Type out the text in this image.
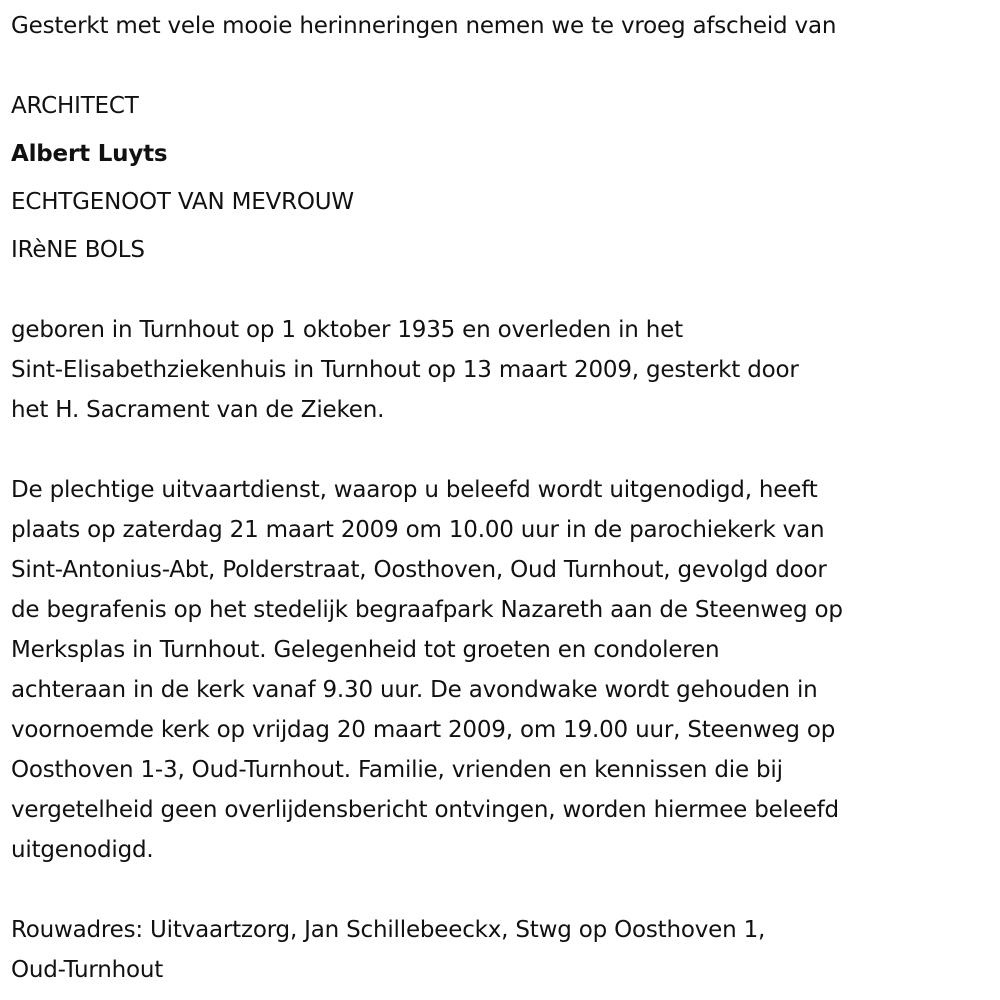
Gesterkt met vele mooie herinneringen nemen we te vroeg afscheid van

ARCHITECT

Albert Luyts

ECHTGENOOT VAN MEVROUW

IRèNE BOLS

geboren in Turnhout op 1 oktober 1935 en overleden in het
Sint-Elisabethziekenhuis in Turnhout op 13 maart 2009, gesterkt door
het H. Sacrament van de Zieken.
De plechtige uitvaartdienst, waarop u beleefd wordt uitgenodigd, heeft
plaats op zaterdag 21 maart 2009 om 10.00 uur in de parochiekerk van
Sint-Antonius-Abt, Polderstraat, Oosthoven, Oud Turnhout, gevolgd door
de begrafenis op het stedelijk begraafpark Nazareth aan de Steenweg op
Merksplas in Turnhout. Gelegenheid tot groeten en condoleren
achteraan in de kerk vanaf 9.30 uur. De avondwake wordt gehouden in
voornoemde kerk op vrijdag 20 maart 2009, om 19.00 uur, Steenweg op
Oosthoven 1-3, Oud-Turnhout. Familie, vrienden en kennissen die bij
vergetelheid geen overlijdensbericht ontvingen, worden hiermee beleefd
uitgenodigd.
Rouwadres: Uitvaartzorg, Jan Schillebeeckx, Stwg op Oosthoven 1,
Oud-Turnhout
